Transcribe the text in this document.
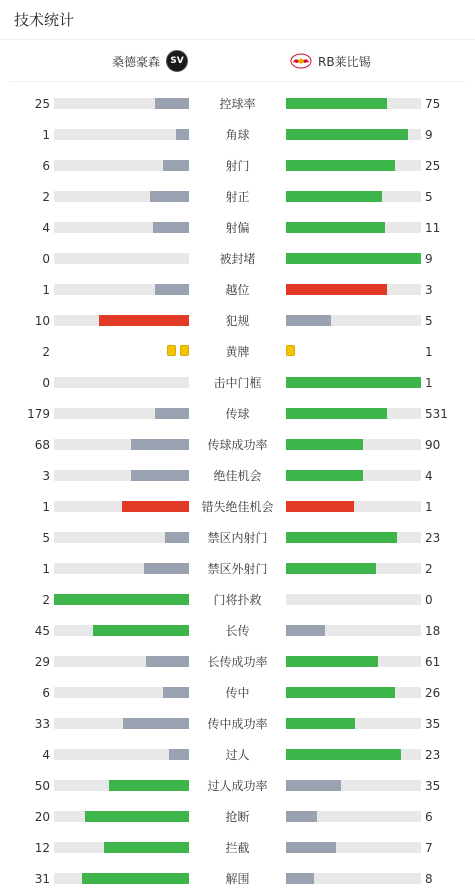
技术统计
桑德豪森	SV	RB莱比锡
25	控球率	75
1	角球	9
6	射门	25
2	射正	5
4	射偏	11
0	被封堵	9
1	越位	3
10	犯规	5
2	黄牌	1
0	击中门框	1
179	传球	531
68	传球成功率	90
3	绝佳机会	4
1	错失绝佳机会	1
5	禁区内射门	23
1	禁区外射门	2
2	门将扑救	0
45	长传	18
29	长传成功率	61
6	传中	26
33	传中成功率	35
4	过人	23
50	过人成功率	35
20	抢断	6
12	拦截	7
31	解围	8
